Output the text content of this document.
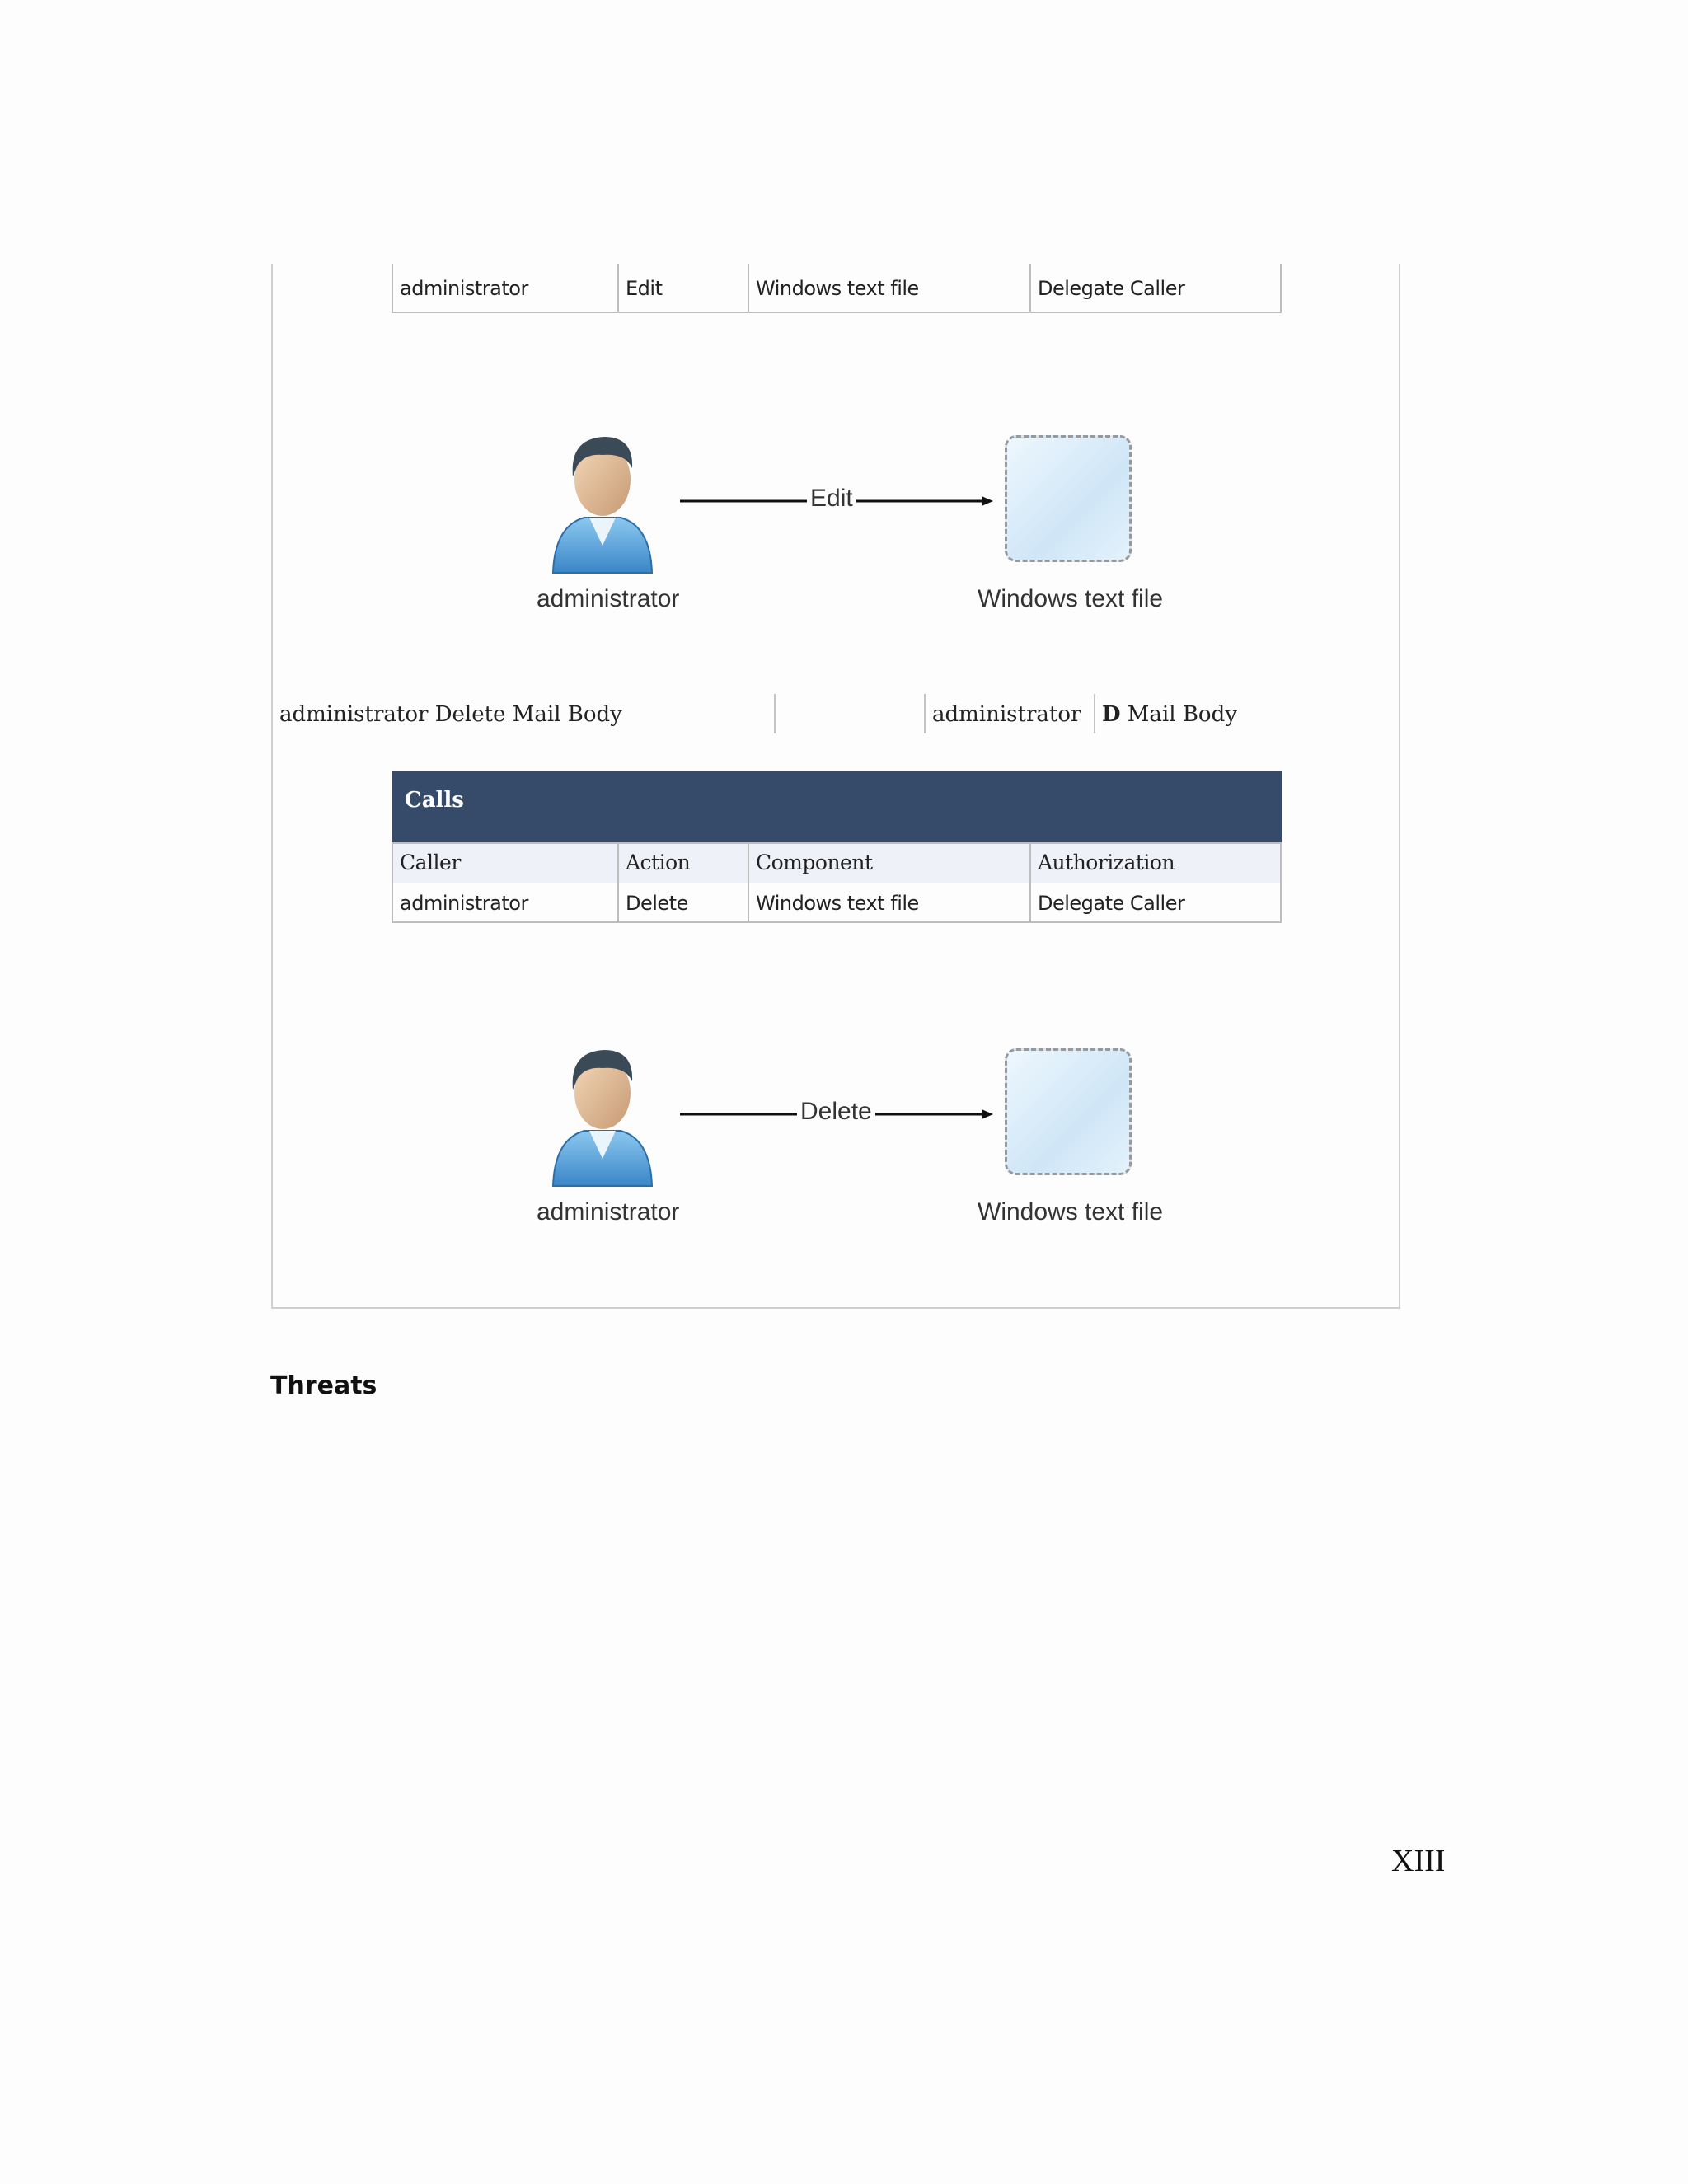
administrator	Edit	Windows text file	Delegate Caller
Edit
administrator	Windows text file
administrator Delete Mail Body	administrator D Mail Body
Calls
Caller	Action	Component	Authorization
administrator	Delete	Windows text file	Delegate Caller
Delete
administrator	Windows text file
Threats
XIII
